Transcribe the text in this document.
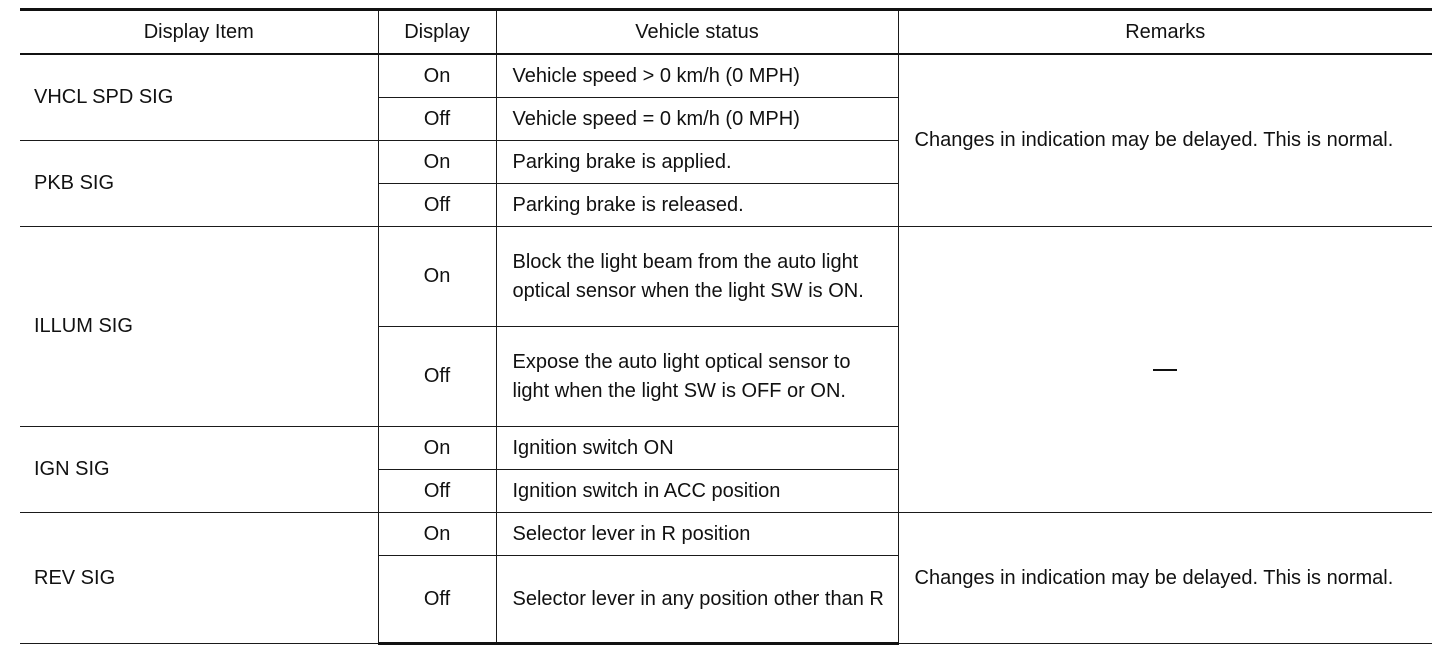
Display Item	Display	Vehicle status	Remarks
VHCL SPD SIG	On	Vehicle speed > 0 km/h (0 MPH)	Changes in indication may be delayed. This is normal.
	Off	Vehicle speed = 0 km/h (0 MPH)	
PKB SIG	On	Parking brake is applied.	
	Off	Parking brake is released.	
ILLUM SIG	On	Block the light beam from the auto light optical sensor when the light SW is ON.	
	Off	Expose the auto light optical sensor to light when the light SW is OFF or ON.	
IGN SIG	On	Ignition switch ON	
	Off	Ignition switch in ACC position	
REV SIG	On	Selector lever in R position	Changes in indication may be delayed. This is normal.
	Off	Selector lever in any position other than R	
